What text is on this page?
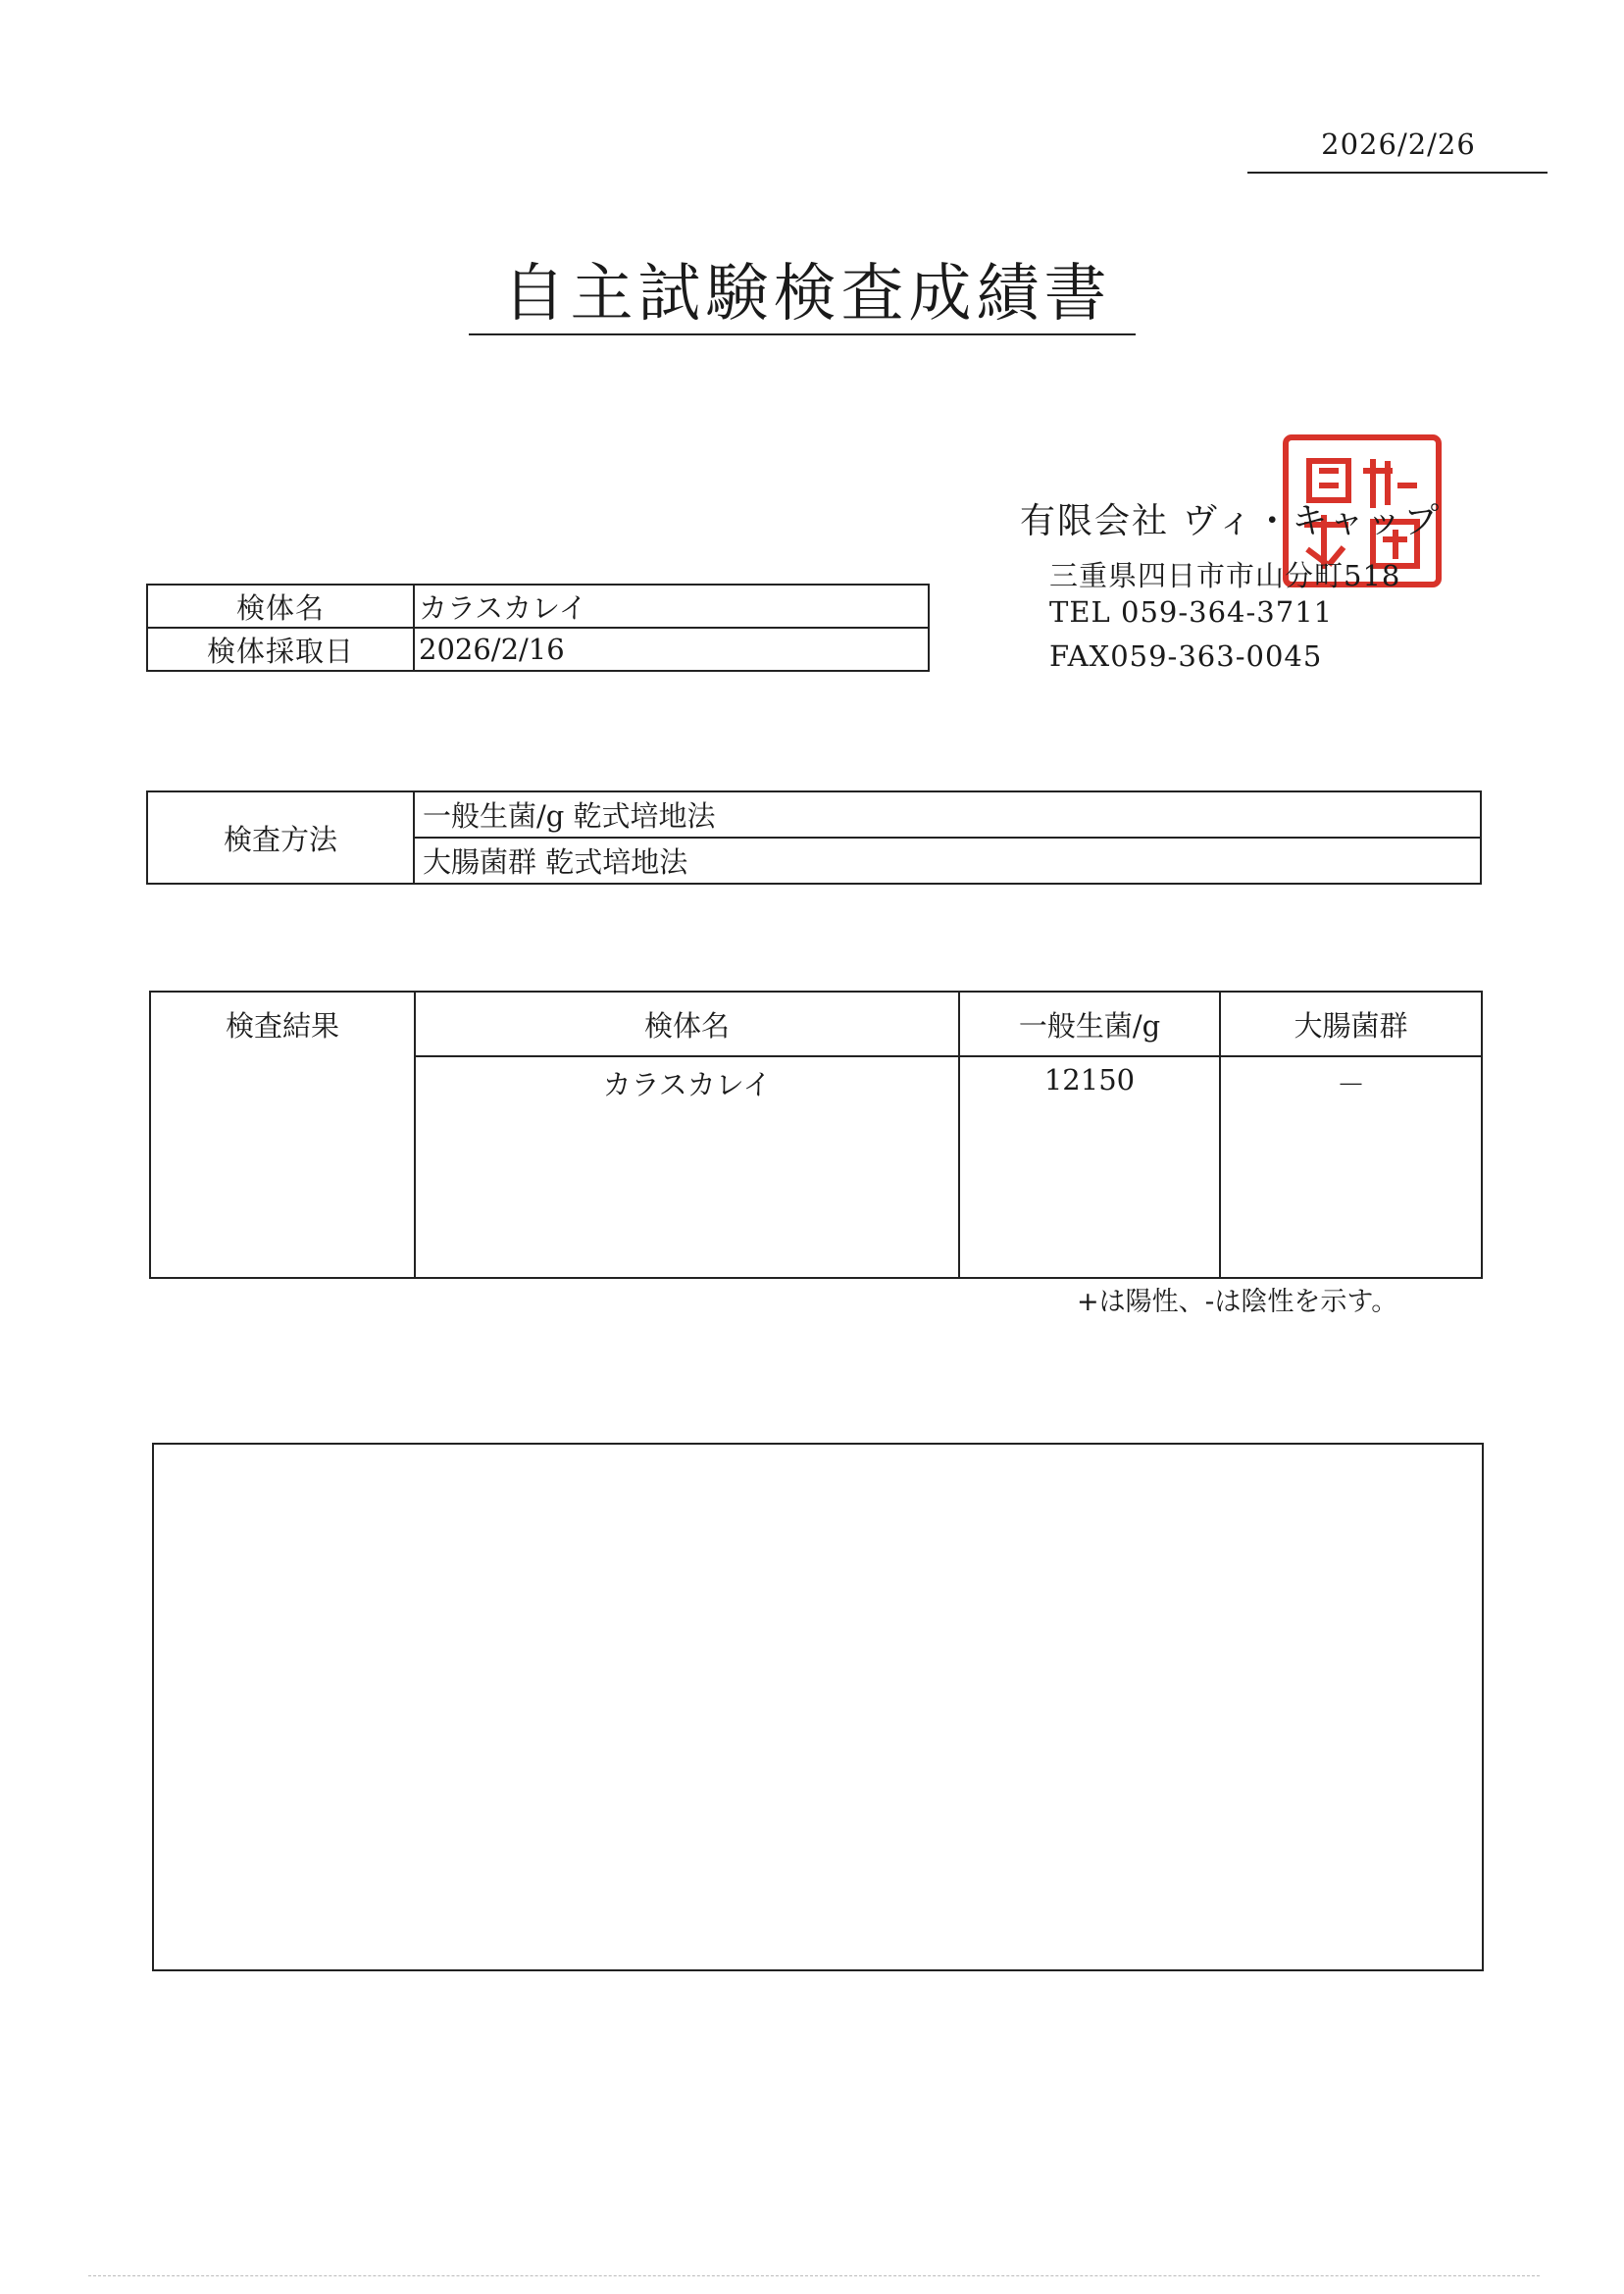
2026/2/26
自主試験検査成績書
有限会社 ヴィ・キャップ
三重県四日市市山分町518
TEL 059-364-3711
FAX059-363-0045
検体名	カラスカレイ
検体採取日	2026/2/16
検査方法	一般生菌/g 乾式培地法
大腸菌群 乾式培地法
検査結果	検体名	一般生菌/g	大腸菌群
	カラスカレイ	12150	－
+は陽性、-は陰性を示す。
